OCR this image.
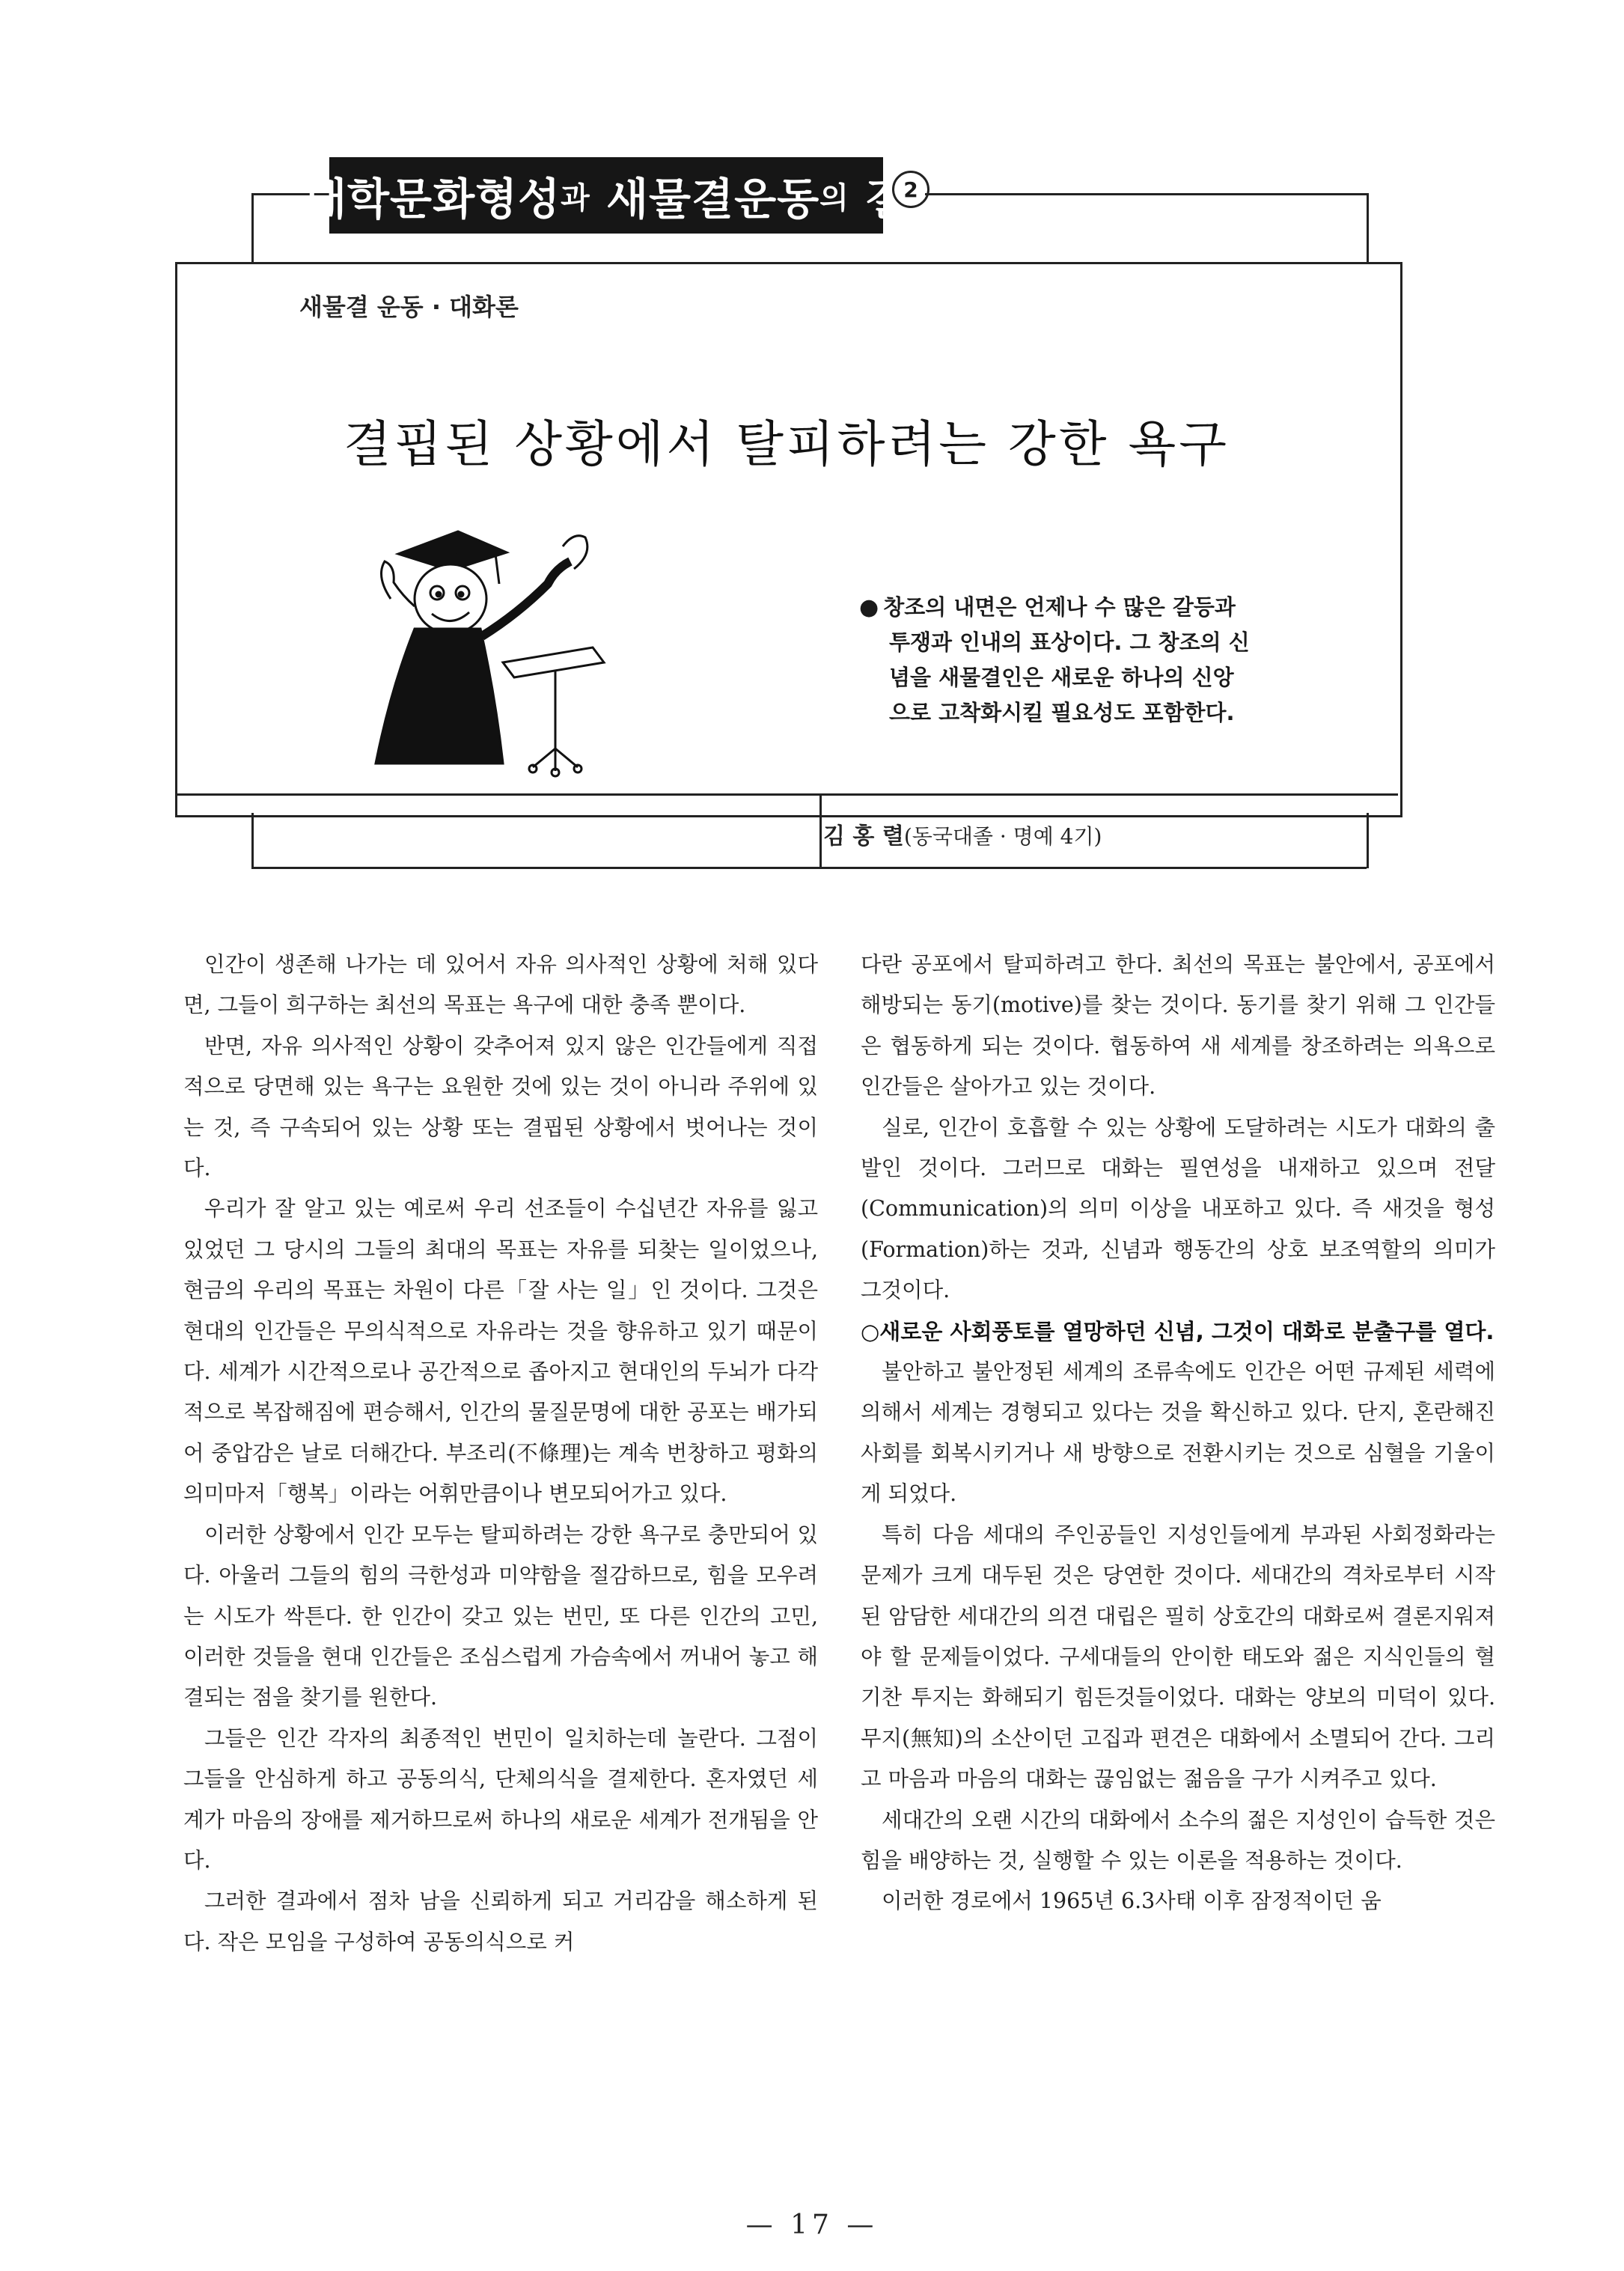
대학문화형성 과
새물결운동 의
길
2
새물결 운동 · 대화론
결핍된 상황에서 탈피하려는 강한 욕구
● 창조의 내면은 언제나 수 많은 갈등과
투쟁과 인내의 표상이다. 그 창조의 신
념을 새물결인은 새로운 하나의 신앙
으로 고착화시킬 필요성도 포함한다.
김 홍 렬(동국대졸 · 명예 4기)
인간이 생존해 나가는 데 있어서 자유 의사적인 상황에 처해 있다면, 그들이 희구하는 최선의 목표는 욕구에 대한 충족 뿐이다.
반면, 자유 의사적인 상황이 갖추어져 있지 않은 인간들에게 직접적으로 당면해 있는 욕구는 요원한 것에 있는 것이 아니라 주위에 있는 것, 즉 구속되어 있는 상황 또는 결핍된 상황에서 벗어나는 것이다.
우리가 잘 알고 있는 예로써 우리 선조들이 수십년간 자유를 잃고 있었던 그 당시의 그들의 최대의 목표는 자유를 되찾는 일이었으나, 현금의 우리의 목표는 차원이 다른「잘 사는 일」인 것이다. 그것은 현대의 인간들은 무의식적으로 자유라는 것을 향유하고 있기 때문이다. 세계가 시간적으로나 공간적으로 좁아지고 현대인의 두뇌가 다각적으로 복잡해짐에 편승해서, 인간의 물질문명에 대한 공포는 배가되어 중압감은 날로 더해간다. 부조리(不條理)는 계속 번창하고 평화의 의미마저「행복」이라는 어휘만큼이나 변모되어가고 있다.
이러한 상황에서 인간 모두는 탈피하려는 강한 욕구로 충만되어 있다. 아울러 그들의 힘의 극한성과 미약함을 절감하므로, 힘을 모우려는 시도가 싹튼다. 한 인간이 갖고 있는 번민, 또 다른 인간의 고민, 이러한 것들을 현대 인간들은 조심스럽게 가슴속에서 꺼내어 놓고 해결되는 점을 찾기를 원한다.
그들은 인간 각자의 최종적인 번민이 일치하는데 놀란다. 그점이 그들을 안심하게 하고 공동의식, 단체의식을 결제한다. 혼자였던 세계가 마음의 장애를 제거하므로써 하나의 새로운 세계가 전개됨을 안다.
그러한 결과에서 점차 남을 신뢰하게 되고 거리감을 해소하게 된다. 작은 모임을 구성하여 공동의식으로 커
다란 공포에서 탈피하려고 한다. 최선의 목표는 불안에서, 공포에서 해방되는 동기(motive)를 찾는 것이다. 동기를 찾기 위해 그 인간들은 협동하게 되는 것이다. 협동하여 새 세계를 창조하려는 의욕으로 인간들은 살아가고 있는 것이다.
실로, 인간이 호흡할 수 있는 상황에 도달하려는 시도가 대화의 출발인 것이다. 그러므로 대화는 필연성을 내재하고 있으며 전달(Communication)의 의미 이상을 내포하고 있다. 즉 새것을 형성(Formation)하는 것과, 신념과 행동간의 상호 보조역할의 의미가 그것이다.
○새로운 사회풍토를 열망하던 신념, 그것이 대화로 분출구를 열다.
불안하고 불안정된 세계의 조류속에도 인간은 어떤 규제된 세력에 의해서 세계는 경형되고 있다는 것을 확신하고 있다. 단지, 혼란해진 사회를 회복시키거나 새 방향으로 전환시키는 것으로 심혈을 기울이게 되었다.
특히 다음 세대의 주인공들인 지성인들에게 부과된 사회정화라는 문제가 크게 대두된 것은 당연한 것이다. 세대간의 격차로부터 시작된 암담한 세대간의 의견 대립은 필히 상호간의 대화로써 결론지워져야 할 문제들이었다. 구세대들의 안이한 태도와 젊은 지식인들의 혈기찬 투지는 화해되기 힘든것들이었다. 대화는 양보의 미덕이 있다. 무지(無知)의 소산이던 고집과 편견은 대화에서 소멸되어 간다. 그리고 마음과 마음의 대화는 끊임없는 젊음을 구가 시켜주고 있다.
세대간의 오랜 시간의 대화에서 소수의 젊은 지성인이 습득한 것은 힘을 배양하는 것, 실행할 수 있는 이론을 적용하는 것이다.
이러한 경로에서 1965년 6.3사태 이후 잠정적이던 움
— 17 —
